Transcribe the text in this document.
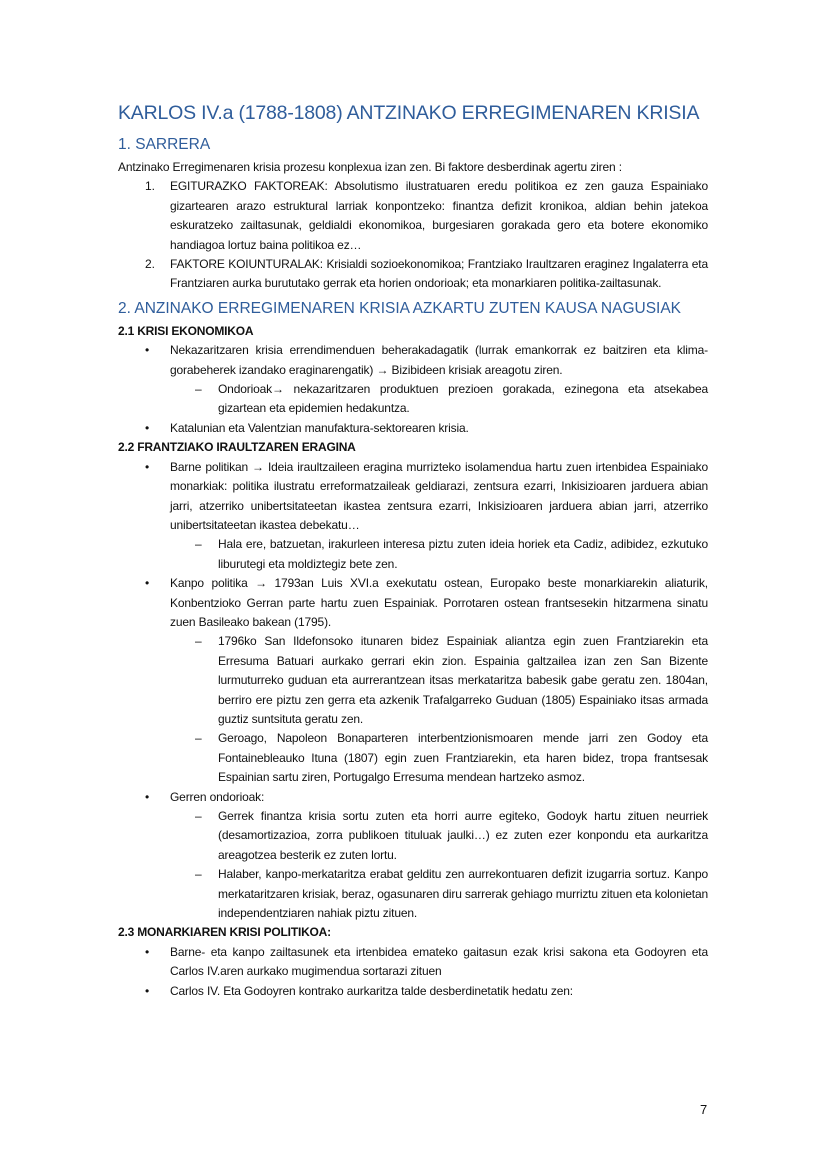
KARLOS IV.a (1788-1808) ANTZINAKO ERREGIMENAREN KRISIA
1. SARRERA

Antzinako Erregimenaren krisia prozesu konplexua izan zen. Bi faktore desberdinak agertu ziren :

1. EGITURAZKO FAKTOREAK: Absolutismo ilustratuaren eredu politikoa ez zen gauza Espainiako gizartearen arazo estruktural larriak konpontzeko: finantza defizit kronikoa, aldian behin jatekoa eskuratzeko zailtasunak, geldialdi ekonomikoa, burgesiaren gorakada gero eta botere ekonomiko handiagoa lortuz baina politikoa ez…
2. FAKTORE KOIUNTURALAK: Krisialdi sozioekonomikoa; Frantziako Iraultzaren eraginez Ingalaterra eta Frantziaren aurka burututako gerrak eta horien ondorioak; eta monarkiaren politika-zailtasunak.
2. ANZINAKO ERREGIMENAREN KRISIA AZKARTU ZUTEN KAUSA NAGUSIAK
2.1 KRISI EKONOMIKOA
• Nekazaritzaren krisia errendimenduen beherakadagatik (lurrak emankorrak ez baitziren eta klima-gorabeherek izandako eraginarengatik) → Bizibideen krisiak areagotu ziren.
– Ondorioak→ nekazaritzaren produktuen prezioen gorakada, ezinegona eta atsekabea gizartean eta epidemien hedakuntza.
• Katalunian eta Valentzian manufaktura-sektorearen krisia.
2.2 FRANTZIAKO IRAULTZAREN ERAGINA
• Barne politikan → Ideia iraultzaileen eragina murrizteko isolamendua hartu zuen irtenbidea Espainiako monarkiak: politika ilustratu erreformatzaileak geldiarazi, zentsura ezarri, Inkisizioaren jarduera abian jarri, atzerriko unibertsitateetan ikastea zentsura ezarri, Inkisizioaren jarduera abian jarri, atzerriko unibertsitateetan ikastea debekatu…
– Hala ere, batzuetan, irakurleen interesa piztu zuten ideia horiek eta Cadiz, adibidez, ezkutuko liburutegi eta moldiztegiz bete zen.
• Kanpo politika → 1793an Luis XVI.a exekutatu ostean, Europako beste monarkiarekin aliaturik, Konbentzioko Gerran parte hartu zuen Espainiak. Porrotaren ostean frantsesekin hitzarmena sinatu zuen Basileako bakean (1795).
– 1796ko San Ildefonsoko itunaren bidez Espainiak aliantza egin zuen Frantziarekin eta Erresuma Batuari aurkako gerrari ekin zion. Espainia galtzailea izan zen San Bizente lurmuturreko guduan eta aurrerantzean itsas merkataritza babesik gabe geratu zen. 1804an, berriro ere piztu zen gerra eta azkenik Trafalgarreko Guduan (1805) Espainiako itsas armada guztiz suntsituta geratu zen.
– Geroago, Napoleon Bonaparteren interbentzionismoaren mende jarri zen Godoy eta Fontainebleauko Ituna (1807) egin zuen Frantziarekin, eta haren bidez, tropa frantsesak Espainian sartu ziren, Portugalgo Erresuma mendean hartzeko asmoz.
• Gerren ondorioak:
– Gerrek finantza krisia sortu zuten eta horri aurre egiteko, Godoyk hartu zituen neurriek (desamortizazioa, zorra publikoen tituluak jaulki…) ez zuten ezer konpondu eta aurkaritza areagotzea besterik ez zuten lortu.
– Halaber, kanpo-merkataritza erabat gelditu zen aurrekontuaren defizit izugarria sortuz. Kanpo merkataritzaren krisiak, beraz, ogasunaren diru sarrerak gehiago murriztu zituen eta kolonietan independentziaren nahiak piztu zituen.
2.3 MONARKIAREN KRISI POLITIKOA:
• Barne- eta kanpo zailtasunek eta irtenbidea emateko gaitasun ezak krisi sakona eta Godoyren eta Carlos IV.aren aurkako mugimendua sortarazi zituen
• Carlos IV. Eta Godoyren kontrako aurkaritza talde desberdinetatik hedatu zen:
7
